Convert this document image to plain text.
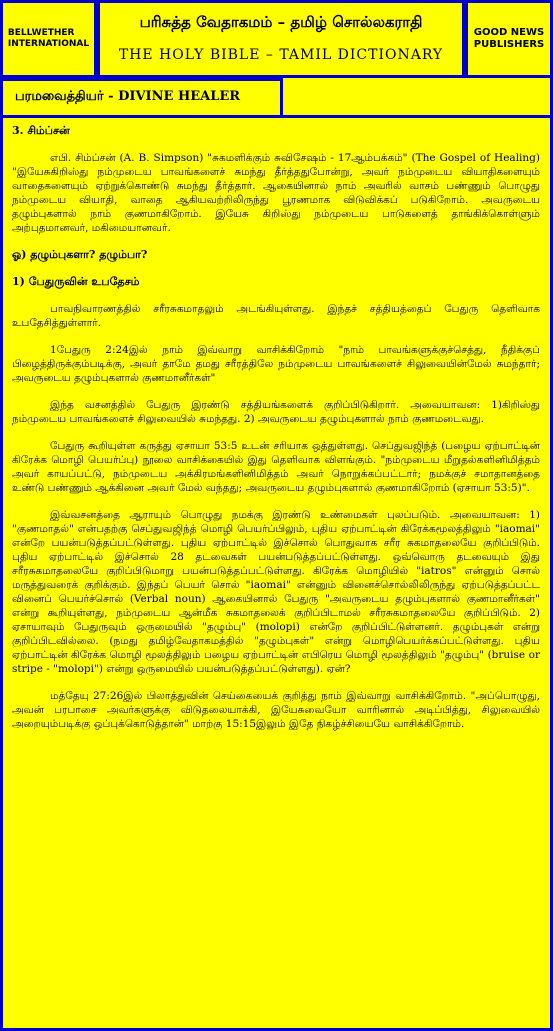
BELLWETHER
INTERNATIONAL
பரிசுத்த வேதாகமம் – தமிழ் சொல்லகராதி
THE HOLY BIBLE – TAMIL DICTIONARY
GOOD NEWS
PUBLISHERS
பரமவைத்தியர் - DIVINE HEALER

3. சிம்ப்சன்

எபி. சிம்ப்சன் (A. B. Simpson) "சுகமளிக்கும் சுவிசேஷம் - 17ஆம்பக்கம்" (The Gospel of Healing) "இயேசுகிறிஸ்து நம்முடைய பாவங்களைச் சுமந்து தீர்த்ததுபோன்று, அவர் நம்முடைய வியாதிகளையும் வாதைகளையும் ஏற்றுக்கொண்டு சுமந்து தீர்த்தார். ஆகையினால் நாம் அவரில் வாசம் பண்ணும் பொழுது நம்முடைய வியாதி, வாதை ஆகியவற்றிலிருந்து பூரணமாக விடுவிக்கப் படுகிறோம். அவருடைய தழும்புகளால் நாம் குணமாகிறோம். இயேசு கிறிஸ்து நம்முடைய பாடுகளைத் தாங்கிக்கொள்ளும் அற்புதமானவர், மகிமையானவர்.

ஓ) தழும்புகளா? தழும்பா?

1) பேதுருவின் உபதேசம்

பாவநிவாரணத்தில் சரீரசுகமாதலும் அடங்கியுள்ளது. இந்தச் சத்தியத்தைப் பேதுரு தெளிவாக உபதேசித்துள்ளார்.

1பேதுரு 2:24இல் நாம் இவ்வாறு வாசிக்கிறோம் "நாம் பாவங்களுக்குச்செத்து, நீதிக்குப் பிழைத்திருக்கும்படிக்கு, அவர் தாமே தமது சரீரத்திலே நம்முடைய பாவங்களைச் சிலுவையின்மேல் சுமந்தார்; அவருடைய தழும்புகளால் குணமானீர்கள்"

இந்த வசனத்தில் பேதுரு இரண்டு சத்தியங்களைக் குறிப்பிடுகிறார். அவையாவன: 1)கிறிஸ்து நம்முடைய பாவங்களைச் சிலுவையில் சுமந்தது. 2) அவருடைய தழும்புகளால் நாம் குணமடைவது.

பேதுரு கூறியுள்ள கருத்து ஏசாயா 53:5 உடன் சரியாக ஒத்துள்ளது. செப்துவஜிந்த் (பழைய ஏற்பாட்டின் கிரேக்க மொழி பெயர்ப்பு) நூலை வாசிக்கையில் இது தெளிவாக விளங்கும். "நம்முடைய மீறுதல்களினிமித்தம் அவர் காயப்பட்டு, நம்முடைய அக்கிரமங்களினிமித்தம் அவர் நொறுக்கப்பட்டார்; நமக்குச் சமாதானத்தை உண்டு பண்ணும் ஆக்கினை அவர் மேல் வந்தது; அவருடைய தழும்புகளால் குணமாகிறோம் (ஏசாயா 53:5)".

இவ்வசனத்தை ஆராயும் பொழுது நமக்கு இரண்டு உண்மைகள் புலப்படும். அவையாவன: 1) "குணமாதல்" என்பதற்கு செப்துவஜிந்த் மொழி பெயர்ப்பிலும், புதிய ஏற்பாட்டின் கிரேக்கமூலத்திலும் "iaomai" என்றே பயன்படுத்தப்பட்டுள்ளது. புதிய ஏற்பாட்டில் இச்சொல் பொதுவாக சரீர சுகமாதலையே குறிப்பிடும். புதிய ஏற்பாட்டில் இச்சொல் 28 தடவைகள் பயன்படுத்தப்பட்டுள்ளது. ஒவ்வொரு தடவையும் இது சரீரசுகமாதலையே குறிப்பிடுமாறு பயன்படுத்தப்பட்டுள்ளது. கிரேக்க மொழியில் "iatros" என்னும் சொல் மருத்துவரைக் குறிக்கும். இந்தப் பெயர் சொல் "iaomai" என்னும் வினைச்சொல்லிலிருந்து ஏற்படுத்தப்பட்ட வினைப் பெயர்ச்சொல் (Verbal noun) ஆகையினால் பேதுரு "அவருடைய தழும்புகளால் குணமானீர்கள்" என்று கூறியுள்ளது, நம்முடைய ஆன்மீக சுகமாதலைக் குறிப்பிடாமல் சரீரசுகமாதலையே குறிப்பிடும். 2) ஏசாயாவும் பேதுருவும் ஒருமையில் "தழும்பு" (molopi) என்றே குறிப்பிட்டுள்ளனர். தழும்புகள் என்று குறிப்பிடவில்லை. (நமது தமிழ்வேதாகமத்தில் "தழும்புகள்" என்று மொழிபெயர்க்கப்பட்டுள்ளது. புதிய ஏற்பாட்டின் கிரேக்க மொழி மூலத்திலும் பழைய ஏற்பாட்டின் எபிரெய மொழி மூலத்திலும் "தழும்பு" (bruise or stripe - "molopi") என்று ஒருமையில் பயன்படுத்தப்பட்டுள்ளது). ஏன்?

மத்தேயு 27:26இல் பிலாத்துவின் செய்கையைக் குறித்து நாம் இவ்வாறு வாசிக்கிறோம். "அப்பொழுது, அவன் பரபாசை அவர்களுக்கு விடுதலையாக்கி, இயேசுவையோ வாரினால் அடிப்பித்து, சிலுவையில் அறையும்படிக்கு ஒப்புக்கொடுத்தான்" மாற்கு 15:15இலும் இதே நிகழ்ச்சியையே வாசிக்கிறோம்.
